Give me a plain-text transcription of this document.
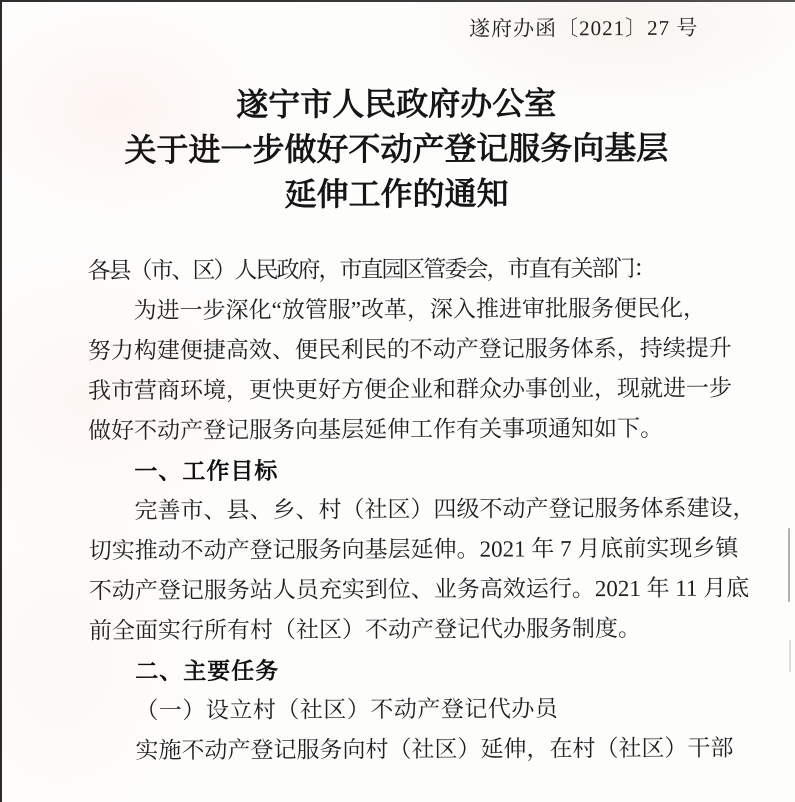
遂府办函〔2021〕27 号
遂宁市人民政府办公室
关于进一步做好不动产登记服务向基层
延伸工作的通知
各县（市、区）人民政府，市直园区管委会，市直有关部门：
为进一步深化“放管服”改革，深入推进审批服务便民化，
努力构建便捷高效、便民利民的不动产登记服务体系，持续提升
我市营商环境，更快更好方便企业和群众办事创业，现就进一步
做好不动产登记服务向基层延伸工作有关事项通知如下。
一、工作目标
完善市、县、乡、村（社区）四级不动产登记服务体系建设，
切实推动不动产登记服务向基层延伸。2021 年 7 月底前实现乡镇
不动产登记服务站人员充实到位、业务高效运行。2021 年 11 月底
前全面实行所有村（社区）不动产登记代办服务制度。
二、主要任务
（一）设立村（社区）不动产登记代办员
实施不动产登记服务向村（社区）延伸，在村（社区）干部
